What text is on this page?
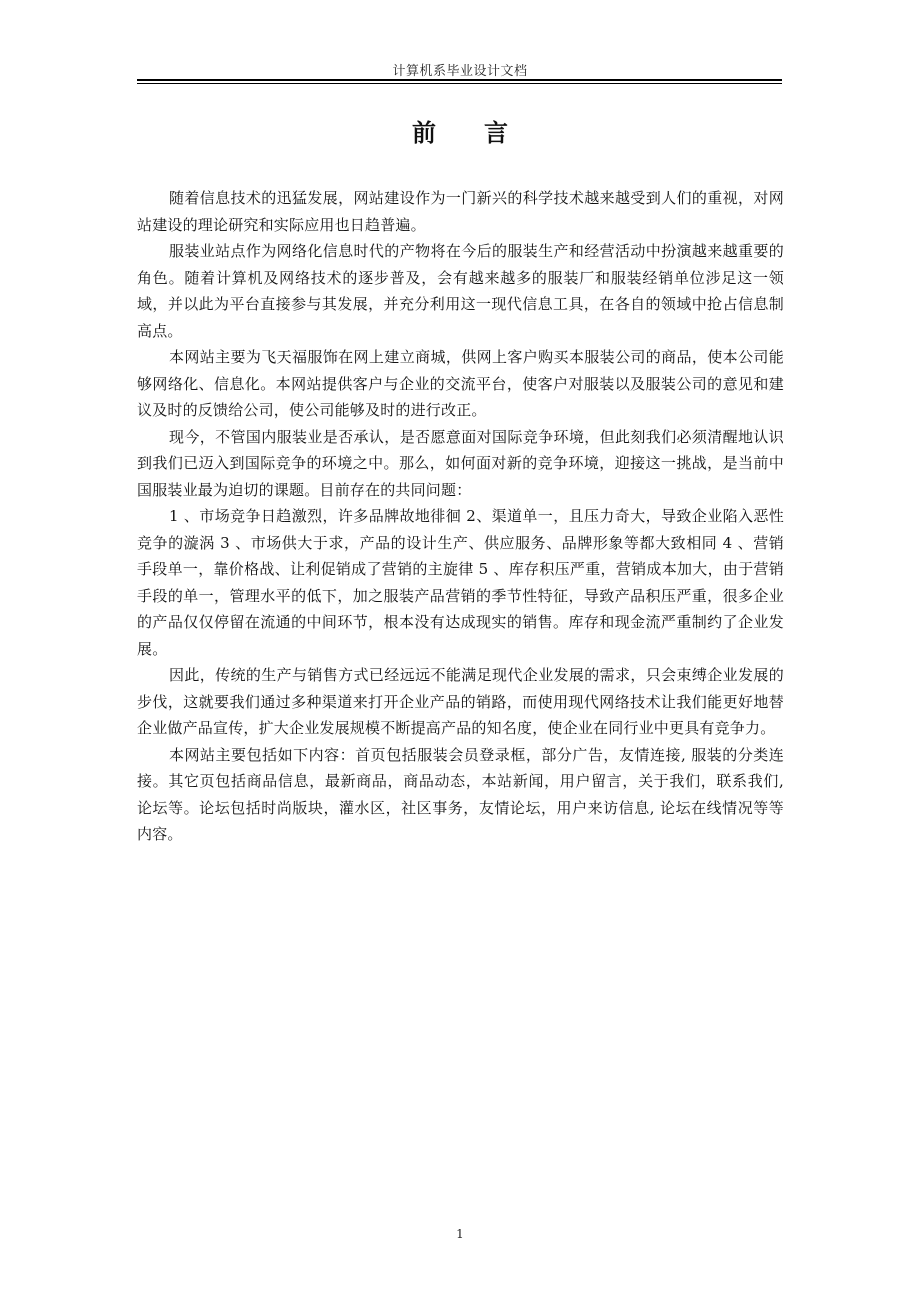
计算机系毕业设计文档
前 言

随着信息技术的迅猛发展，网站建设作为一门新兴的科学技术越来越受到人们的重视，对网站建设的理论研究和实际应用也日趋普遍。

服装业站点作为网络化信息时代的产物将在今后的服装生产和经营活动中扮演越来越重要的角色。随着计算机及网络技术的逐步普及，会有越来越多的服装厂和服装经销单位涉足这一领域，并以此为平台直接参与其发展，并充分利用这一现代信息工具，在各自的领域中抢占信息制高点。

本网站主要为飞天福服饰在网上建立商城，供网上客户购买本服装公司的商品，使本公司能够网络化、信息化。本网站提供客户与企业的交流平台，使客户对服装以及服装公司的意见和建议及时的反馈给公司，使公司能够及时的进行改正。

现今，不管国内服装业是否承认，是否愿意面对国际竞争环境，但此刻我们必须清醒地认识到我们已迈入到国际竞争的环境之中。那么，如何面对新的竞争环境，迎接这一挑战，是当前中国服装业最为迫切的课题。目前存在的共同问题：

1 、市场竞争日趋激烈，许多品牌故地徘徊 2、渠道单一，且压力奇大，导致企业陷入恶性竞争的漩涡 3 、市场供大于求，产品的设计生产、供应服务、品牌形象等都大致相同 4 、营销手段单一，靠价格战、让利促销成了营销的主旋律 5 、库存积压严重，营销成本加大，由于营销手段的单一，管理水平的低下，加之服装产品营销的季节性特征，导致产品积压严重，很多企业的产品仅仅停留在流通的中间环节，根本没有达成现实的销售。库存和现金流严重制约了企业发展。

因此，传统的生产与销售方式已经远远不能满足现代企业发展的需求，只会束缚企业发展的步伐，这就要我们通过多种渠道来打开企业产品的销路，而使用现代网络技术让我们能更好地替企业做产品宣传，扩大企业发展规模不断提高产品的知名度，使企业在同行业中更具有竞争力。

本网站主要包括如下内容：首页包括服装会员登录框，部分广告，友情连接, 服装的分类连接。其它页包括商品信息，最新商品，商品动态，本站新闻，用户留言，关于我们，联系我们, 论坛等。论坛包括时尚版块，灌水区，社区事务，友情论坛，用户来访信息, 论坛在线情况等等内容。

1
